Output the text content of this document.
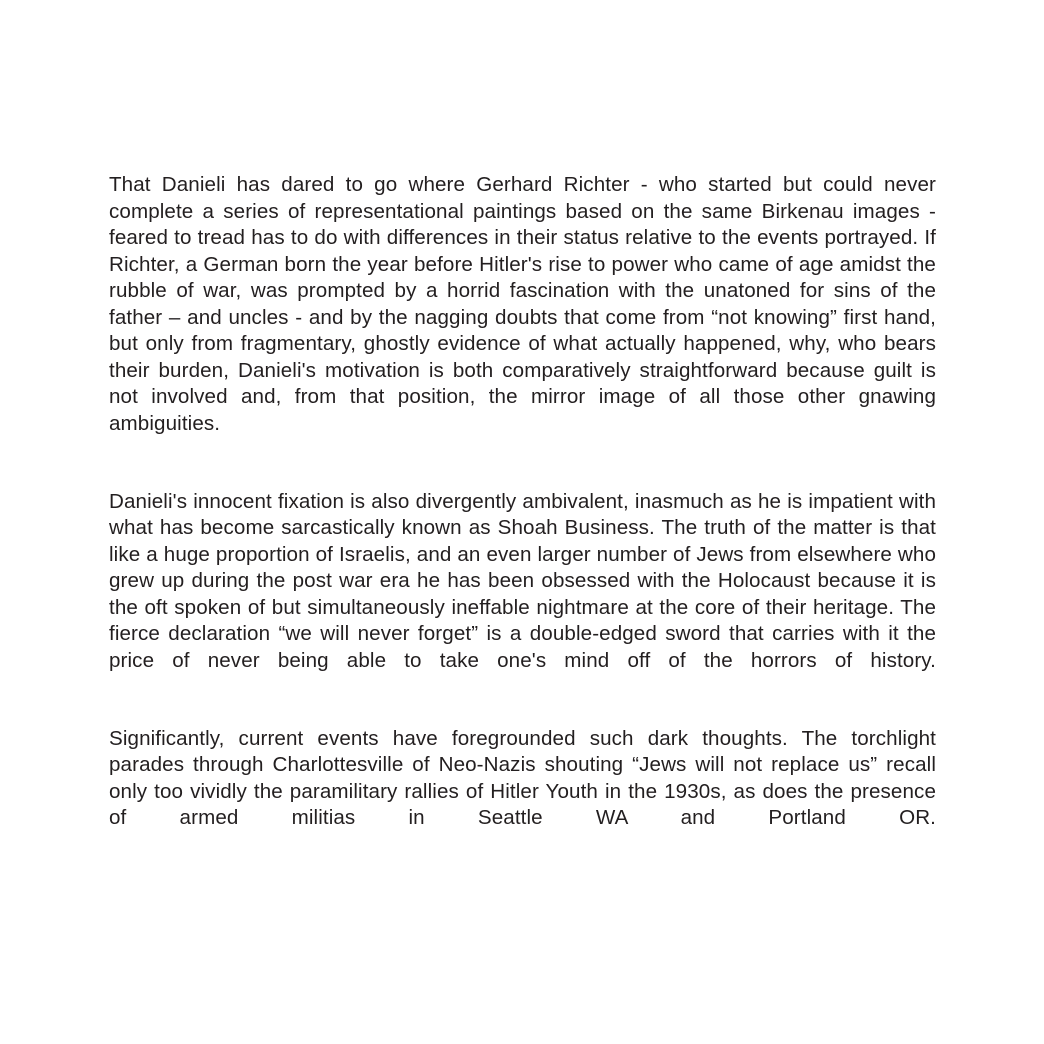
That Danieli has dared to go where Gerhard Richter - who started but could never complete a series of representational paintings based on the same Birkenau images - feared to tread has to do with differences in their status relative to the events portrayed. If Richter, a German born the year before Hitler's rise to power who came of age amidst the rubble of war, was prompted by a horrid fascination with the unatoned for sins of the father – and uncles - and by the nagging doubts that come from “not knowing” first hand, but only from fragmentary, ghostly evidence of what actually happened, why, who bears their burden, Danieli's motivation is both comparatively straightforward because guilt is not involved and, from that position, the mirror image of all those other gnawing ambiguities.

Danieli's innocent fixation is also divergently ambivalent, inasmuch as he is impatient with what has become sarcastically known as Shoah Business. The truth of the matter is that like a huge proportion of Israelis, and an even larger number of Jews from elsewhere who grew up during the post war era he has been obsessed with the Holocaust because it is the oft spoken of but simultaneously ineffable nightmare at the core of their heritage. The fierce declaration “we will never forget” is a double-edged sword that carries with it the price of never being able to take one's mind off of the horrors of history.

Significantly, current events have foregrounded such dark thoughts. The torchlight parades through Charlottesville of Neo-Nazis shouting “Jews will not replace us” recall only too vividly the paramilitary rallies of Hitler Youth in the 1930s, as does the presence of armed militias in Seattle WA and Portland OR.
